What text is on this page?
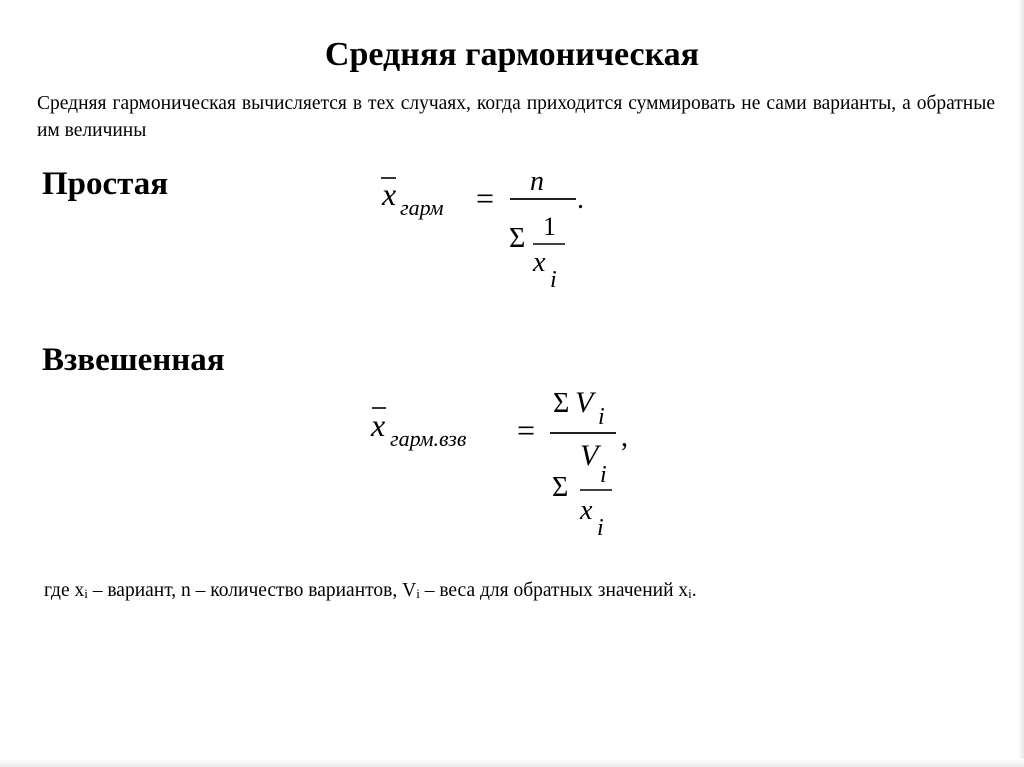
Средняя гармоническая
Средняя гармоническая вычисляется в тех случаях, когда приходится суммировать не сами варианты, а обратные им величины
Простая	x гарм = n
Σ 1
x
i
.
Взвешенная
x гарм.взв =
Σ V i
Σ
V
i
x
i
,
где xi – вариант, n – количество вариантов, Vi – веса для обратных значений xi.
